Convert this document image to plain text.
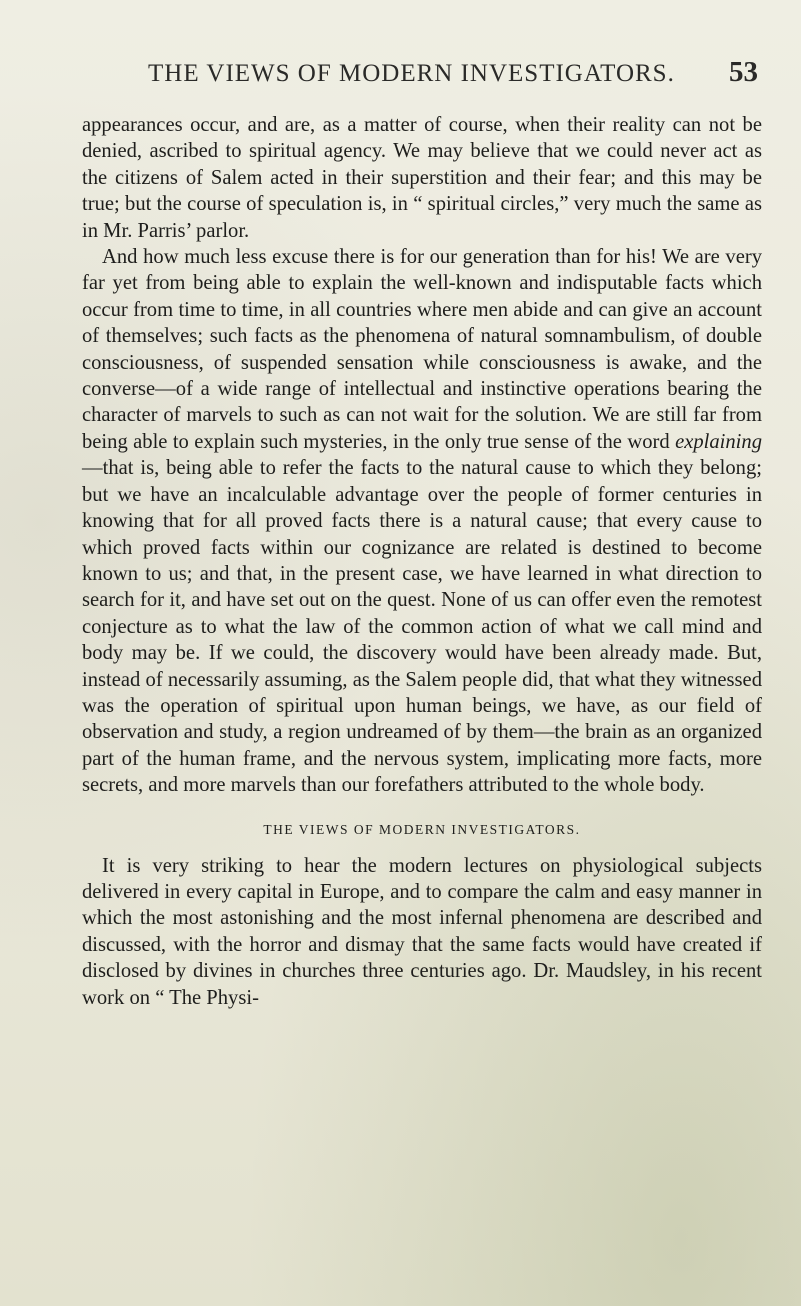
THE VIEWS OF MODERN INVESTIGATORS. 53

appearances occur, and are, as a matter of course, when their reality can not be denied, ascribed to spiritual agency. We may believe that we could never act as the citizens of Salem acted in their superstition and their fear; and this may be true; but the course of speculation is, in “ spiritual circles,” very much the same as in Mr. Parris’ parlor.

And how much less excuse there is for our generation than for his! We are very far yet from being able to explain the well-known and indisputable facts which occur from time to time, in all countries where men abide and can give an account of themselves; such facts as the phenomena of natural somnambulism, of double consciousness, of suspended sensation while consciousness is awake, and the converse—of a wide range of intellectual and instinctive operations bearing the character of marvels to such as can not wait for the solution. We are still far from being able to explain such mysteries, in the only true sense of the word explaining—that is, being able to refer the facts to the natural cause to which they belong; but we have an incalculable advantage over the people of former centuries in knowing that for all proved facts there is a natural cause; that every cause to which proved facts within our cognizance are related is destined to become known to us; and that, in the present case, we have learned in what direction to search for it, and have set out on the quest. None of us can offer even the remotest conjecture as to what the law of the common action of what we call mind and body may be. If we could, the discovery would have been already made. But, instead of necessarily assuming, as the Salem people did, that what they witnessed was the operation of spiritual upon human beings, we have, as our field of observation and study, a region undreamed of by them—the brain as an organized part of the human frame, and the nervous system, implicating more facts, more secrets, and more marvels than our forefathers attributed to the whole body.

THE VIEWS OF MODERN INVESTIGATORS.

It is very striking to hear the modern lectures on physiological subjects delivered in every capital in Europe, and to compare the calm and easy manner in which the most astonishing and the most infernal phenomena are described and discussed, with the horror and dismay that the same facts would have created if disclosed by divines in churches three centuries ago. Dr. Maudsley, in his recent work on “ The Physi-
